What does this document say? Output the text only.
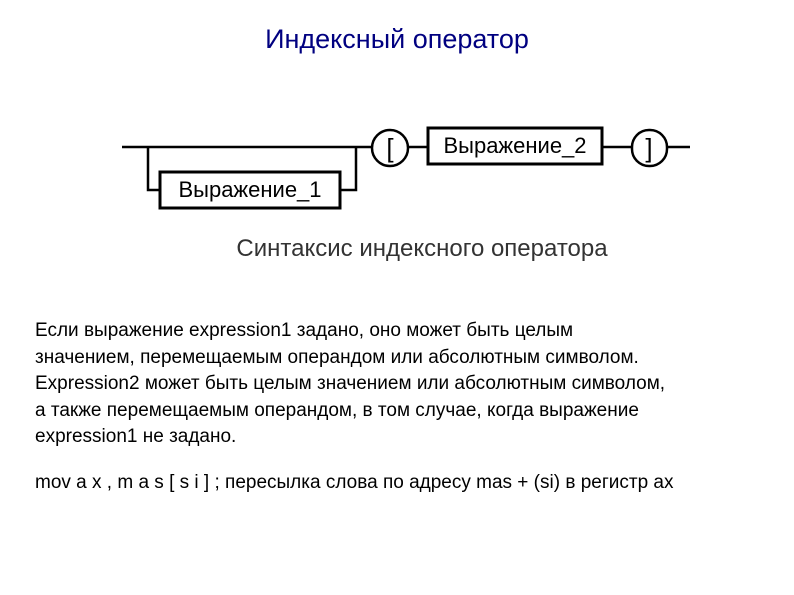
Индексный оператор
Выражение_1
Выражение_2
[	]
Синтаксис индексного оператора
Если выражение expression1 задано, оно может быть целым
значением, перемещаемым операндом или абсолютным символом.
Expression2 может быть целым значением или абсолютным символом,
а также перемещаемым операндом, в том случае, когда выражение
expression1 не задано.
mov a x , m a s [ s i ] ; пересылка слова по адресу mas + (si) в регистр ax
